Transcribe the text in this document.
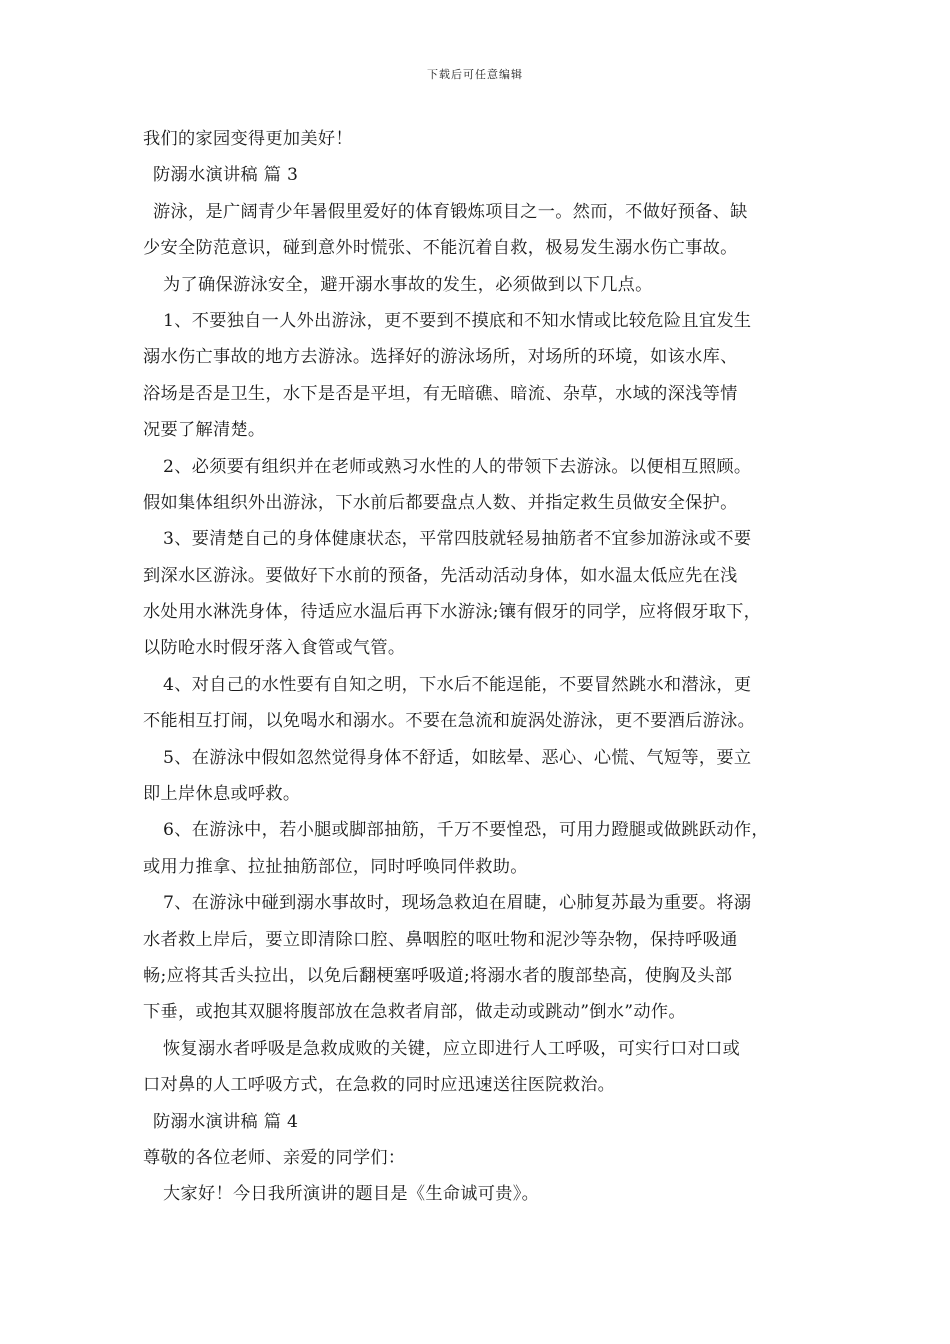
下载后可任意编辑
我们的家园变得更加美好！
防溺水演讲稿 篇 3
游泳，是广阔青少年暑假里爱好的体育锻炼项目之一。然而，不做好预备、缺
少安全防范意识，碰到意外时慌张、不能沉着自救，极易发生溺水伤亡事故。
为了确保游泳安全，避开溺水事故的发生，必须做到以下几点。
1、不要独自一人外出游泳，更不要到不摸底和不知水情或比较危险且宜发生
溺水伤亡事故的地方去游泳。选择好的游泳场所，对场所的环境，如该水库、
浴场是否是卫生，水下是否是平坦，有无暗礁、暗流、杂草，水域的深浅等情
况要了解清楚。
2、必须要有组织并在老师或熟习水性的人的带领下去游泳。以便相互照顾。
假如集体组织外出游泳，下水前后都要盘点人数、并指定救生员做安全保护。
3、要清楚自己的身体健康状态，平常四肢就轻易抽筋者不宜参加游泳或不要
到深水区游泳。要做好下水前的预备，先活动活动身体，如水温太低应先在浅
水处用水淋洗身体，待适应水温后再下水游泳;镶有假牙的同学，应将假牙取下，
以防呛水时假牙落入食管或气管。
4、对自己的水性要有自知之明，下水后不能逞能，不要冒然跳水和潜泳，更
不能相互打闹，以免喝水和溺水。不要在急流和旋涡处游泳，更不要酒后游泳。
5、在游泳中假如忽然觉得身体不舒适，如眩晕、恶心、心慌、气短等，要立
即上岸休息或呼救。
6、在游泳中，若小腿或脚部抽筋，千万不要惶恐，可用力蹬腿或做跳跃动作，
或用力推拿、拉扯抽筋部位，同时呼唤同伴救助。
7、在游泳中碰到溺水事故时，现场急救迫在眉睫，心肺复苏最为重要。将溺
水者救上岸后，要立即清除口腔、鼻咽腔的呕吐物和泥沙等杂物，保持呼吸通
畅;应将其舌头拉出，以免后翻梗塞呼吸道;将溺水者的腹部垫高，使胸及头部
下垂，或抱其双腿将腹部放在急救者肩部，做走动或跳动”倒水”动作。
恢复溺水者呼吸是急救成败的关键，应立即进行人工呼吸，可实行口对口或
口对鼻的人工呼吸方式，在急救的同时应迅速送往医院救治。
防溺水演讲稿 篇 4
尊敬的各位老师、亲爱的同学们：
大家好！今日我所演讲的题目是《生命诚可贵》。
